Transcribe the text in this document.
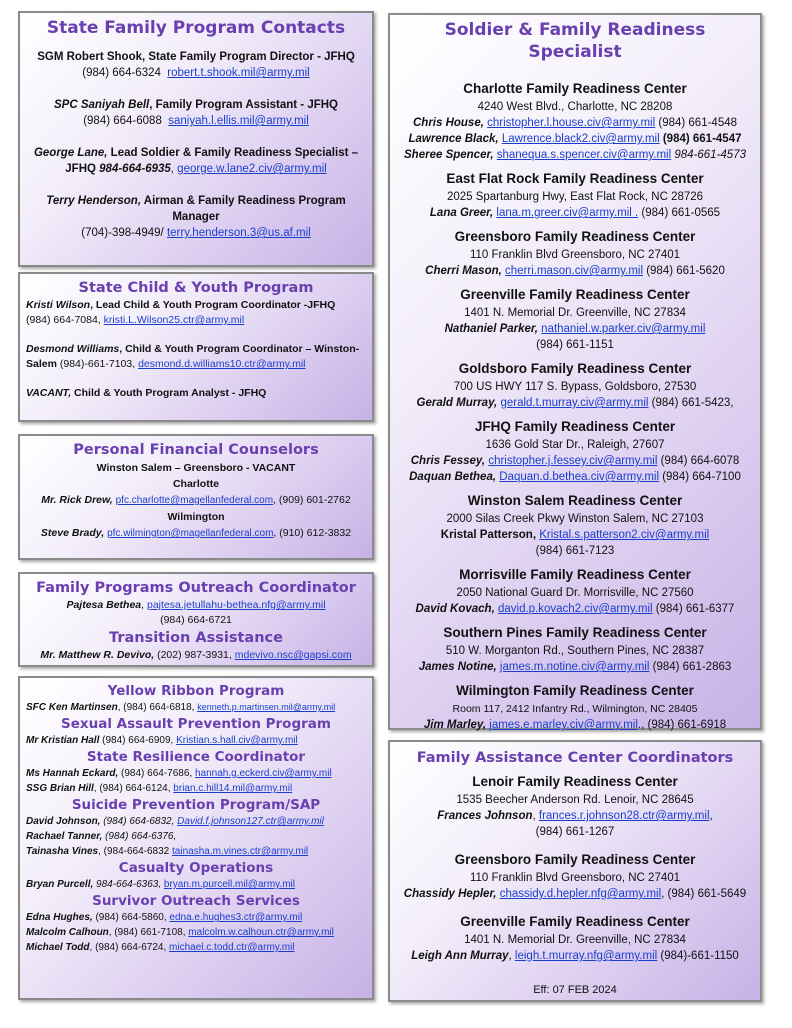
State Family Program Contacts
SGM Robert Shook, State Family Program Director - JFHQ
(984) 664-6324 robert.t.shook.mil@army.mil
SPC Saniyah Bell, Family Program Assistant - JFHQ
(984) 664-6088 saniyah.l.ellis.mil@army.mil
George Lane, Lead Soldier & Family Readiness Specialist – JFHQ 984-664-6935, george.w.lane2.civ@army.mil
Terry Henderson, Airman & Family Readiness Program Manager
(704)-398-4949/ terry.henderson.3@us.af.mil
State Child & Youth Program
Kristi Wilson, Lead Child & Youth Program Coordinator -JFHQ
(984) 664-7084, kristi.L.Wilson25.ctr@army.mil
Desmond Williams, Child & Youth Program Coordinator – Winston-Salem (984)-661-7103, desmond.d.williams10.ctr@army.mil
VACANT, Child & Youth Program Analyst - JFHQ
Personal Financial Counselors
Winston Salem – Greensboro - VACANT
Charlotte
Mr. Rick Drew, pfc.charlotte@magellanfederal.com, (909) 601-2762
Wilmington
Steve Brady, pfc.wilmington@magellanfederal.com, (910) 612-3832
Family Programs Outreach Coordinator
Pajtesa Bethea, pajtesa.jetullahu-bethea.nfg@army.mil
(984) 664-6721
Transition Assistance
Mr. Matthew R. Devivo, (202) 987-3931, mdevivo.nsc@gapsi.com
Yellow Ribbon Program
SFC Ken Martinsen, (984) 664-6818, kenneth.p.martinsen.mil@army.mil
Sexual Assault Prevention Program
Mr Kristian Hall (984) 664-6909, Kristian.s.hall.civ@army.mil
State Resilience Coordinator
Ms Hannah Eckard, (984) 664-7686, hannah.g.eckerd.civ@army.mil
SSG Brian Hill, (984) 664-6124, brian.c.hill14.mil@army.mil
Suicide Prevention Program/SAP
David Johnson, (984) 664-6832, David.f.johnson127.ctr@army.mil
Rachael Tanner, (984) 664-6376,
Tainasha Vines, (984-664-6832 tainasha.m.vines.ctr@army.mil
Casualty Operations
Bryan Purcell, 984-664-6363, bryan.m.purcell.mil@army.mil
Survivor Outreach Services
Edna Hughes, (984) 664-5860, edna.e.hughes3.ctr@army.mil
Malcolm Calhoun, (984) 661-7108, malcolm.w.calhoun.ctr@army.mil
Michael Todd, (984) 664-6724, michael.c.todd.ctr@army.mil
Soldier & Family Readiness Specialist
Charlotte Family Readiness Center
4240 West Blvd., Charlotte, NC 28208
Chris House, christopher.l.house.civ@army.mil (984) 661-4548
Lawrence Black, Lawrence.black2.civ@army.mil (984) 661-4547
Sheree Spencer, shanequa.s.spencer.civ@army.mil 984-661-4573
East Flat Rock Family Readiness Center
2025 Spartanburg Hwy, East Flat Rock, NC 28726
Lana Greer, lana.m.greer.civ@army.mil . (984) 661-0565
Greensboro Family Readiness Center
110 Franklin Blvd Greensboro, NC 27401
Cherri Mason, cherri.mason.civ@army.mil (984) 661-5620
Greenville Family Readiness Center
1401 N. Memorial Dr. Greenville, NC 27834
Nathaniel Parker, nathaniel.w.parker.civ@army.mil
(984) 661-1151
Goldsboro Family Readiness Center
700 US HWY 117 S. Bypass, Goldsboro, 27530
Gerald Murray, gerald.t.murray.civ@army.mil (984) 661-5423,
JFHQ Family Readiness Center
1636 Gold Star Dr., Raleigh, 27607
Chris Fessey, christopher.j.fessey.civ@army.mil (984) 664-6078
Daquan Bethea, Daquan.d.bethea.civ@army.mil (984) 664-7100
Winston Salem Readiness Center
2000 Silas Creek Pkwy Winston Salem, NC 27103
Kristal Patterson, Kristal.s.patterson2.civ@army.mil
(984) 661-7123
Morrisville Family Readiness Center
2050 National Guard Dr. Morrisville, NC 27560
David Kovach, david.p.kovach2.civ@army.mil (984) 661-6377
Southern Pines Family Readiness Center
510 W. Morganton Rd., Southern Pines, NC 28387
James Notine, james.m.notine.civ@army.mil (984) 661-2863
Wilmington Family Readiness Center
Room 117, 2412 Infantry Rd., Wilmington, NC 28405
Jim Marley, james.e.marley.civ@army.mil., (984) 661-6918
Family Assistance Center Coordinators
Lenoir Family Readiness Center
1535 Beecher Anderson Rd. Lenoir, NC 28645
Frances Johnson, frances.r.johnson28.ctr@army.mil,
(984) 661-1267
Greensboro Family Readiness Center
110 Franklin Blvd Greensboro, NC 27401
Chassidy Hepler, chassidy.d.hepler.nfg@army.mil, (984) 661-5649
Greenville Family Readiness Center
1401 N. Memorial Dr. Greenville, NC 27834
Leigh Ann Murray, leigh.t.murray.nfg@army.mil (984)-661-1150
Eff: 07 FEB 2024
